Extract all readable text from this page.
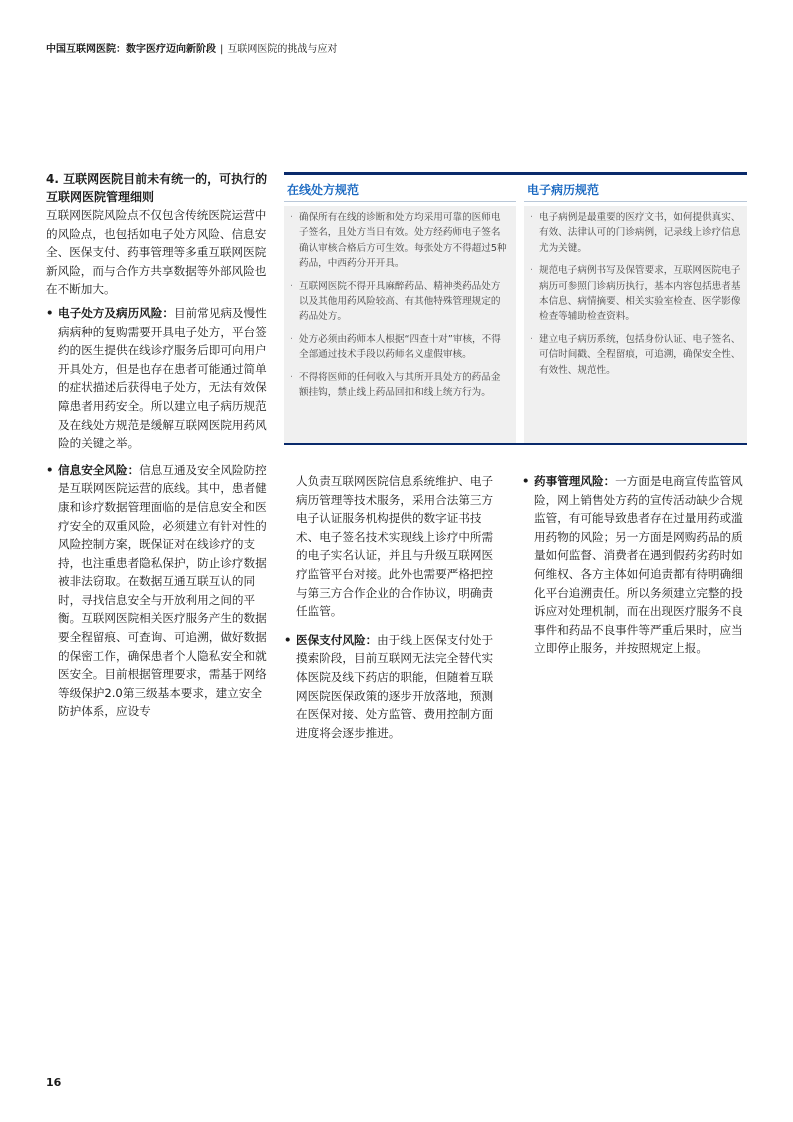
中国互联网医院：数字医疗迈向新阶段 | 互联网医院的挑战与应对

4. 互联网医院目前未有统一的，可执行的互联网医院管理细则

互联网医院风险点不仅包含传统医院运营中的风险点，也包括如电子处方风险、信息安全、医保支付、药事管理等多重互联网医院新风险，而与合作方共享数据等外部风险也在不断加大。

• 电子处方及病历风险：目前常见病及慢性病病种的复购需要开具电子处方，平台签约的医生提供在线诊疗服务后即可向用户开具处方，但是也存在患者可能通过简单的症状描述后获得电子处方，无法有效保障患者用药安全。所以建立电子病历规范及在线处方规范是缓解互联网医院用药风险的关键之举。
• 信息安全风险：信息互通及安全风险防控是互联网医院运营的底线。其中，患者健康和诊疗数据管理面临的是信息安全和医疗安全的双重风险，必须建立有针对性的风险控制方案，既保证对在线诊疗的支持，也注重患者隐私保护，防止诊疗数据被非法窃取。在数据互通互联互认的同时，寻找信息安全与开放利用之间的平衡。互联网医院相关医疗服务产生的数据要全程留痕、可查询、可追溯，做好数据的保密工作，确保患者个人隐私安全和就医安全。目前根据管理要求，需基于网络等级保护2.0第三级基本要求，建立安全防护体系，应设专
在线处方规范
· 确保所有在线的诊断和处方均采用可靠的医师电子签名，且处方当日有效。处方经药师电子签名确认审核合格后方可生效。每张处方不得超过5种药品，中西药分开开具。
· 互联网医院不得开具麻醉药品、精神类药品处方以及其他用药风险较高、有其他特殊管理规定的药品处方。
· 处方必须由药师本人根据“四查十对”审核，不得全部通过技术手段以药师名义虚假审核。
· 不得将医师的任何收入与其所开具处方的药品金额挂钩，禁止线上药品回扣和线上统方行为。
电子病历规范
· 电子病例是最重要的医疗文书，如何提供真实、有效、法律认可的门诊病例，记录线上诊疗信息尤为关键。
· 规范电子病例书写及保管要求，互联网医院电子病历可参照门诊病历执行，基本内容包括患者基本信息、病情摘要、相关实验室检查、医学影像检查等辅助检查资料。
· 建立电子病历系统，包括身份认证、电子签名、可信时间戳、全程留痕，可追溯，确保安全性、有效性、规范性。

人负责互联网医院信息系统维护、电子病历管理等技术服务，采用合法第三方电子认证服务机构提供的数字证书技术、电子签名技术实现线上诊疗中所需的电子实名认证，并且与升级互联网医疗监管平台对接。此外也需要严格把控与第三方合作企业的合作协议，明确责任监管。

• 医保支付风险：由于线上医保支付处于摸索阶段，目前互联网无法完全替代实体医院及线下药店的职能，但随着互联网医院医保政策的逐步开放落地，预测在医保对接、处方监管、费用控制方面进度将会逐步推进。
• 药事管理风险：一方面是电商宣传监管风险，网上销售处方药的宣传活动缺少合规监管，有可能导致患者存在过量用药或滥用药物的风险；另一方面是网购药品的质量如何监督、消费者在遇到假药劣药时如何维权、各方主体如何追责都有待明确细化平台追溯责任。所以务须建立完整的投诉应对处理机制，而在出现医疗服务不良事件和药品不良事件等严重后果时，应当立即停止服务，并按照规定上报。
16
